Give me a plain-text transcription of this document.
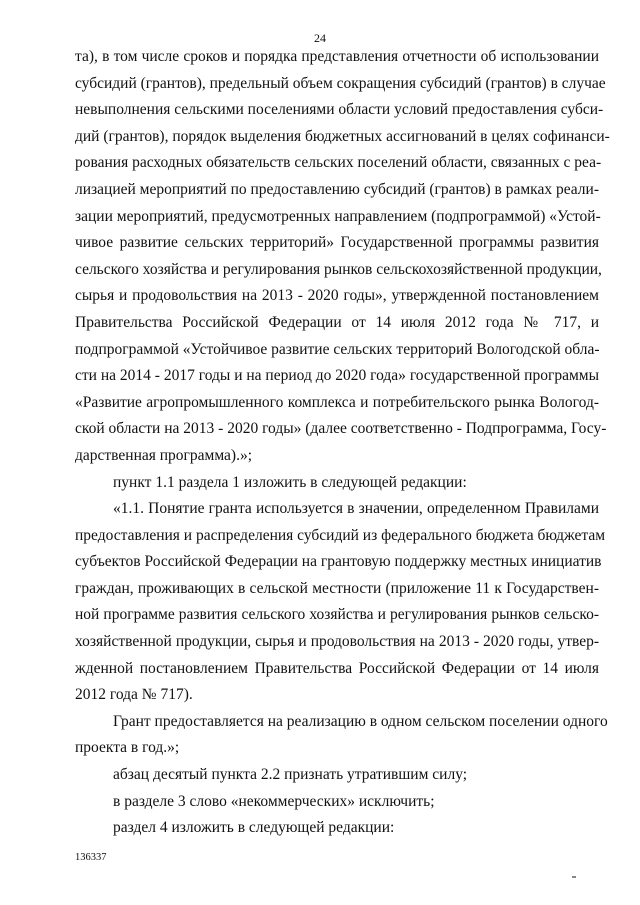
24
та), в том числе сроков и порядка представления отчетности об использовании
субсидий (грантов), предельный объем сокращения субсидий (грантов) в случае
невыполнения сельскими поселениями области условий предоставления субси-
дий (грантов), порядок выделения бюджетных ассигнований в целях софинанси-
рования расходных обязательств сельских поселений области, связанных с реа-
лизацией мероприятий по предоставлению субсидий (грантов) в рамках реали-
зации мероприятий, предусмотренных направлением (подпрограммой) «Устой-
чивое развитие сельских территорий» Государственной программы развития
сельского хозяйства и регулирования рынков сельскохозяйственной продукции,
сырья и продовольствия на 2013 - 2020 годы», утвержденной постановлением
Правительства Российской Федерации от 14 июля 2012 года № 717, и
подпрограммой «Устойчивое развитие сельских территорий Вологодской обла-
сти на 2014 - 2017 годы и на период до 2020 года» государственной программы
«Развитие агропромышленного комплекса и потребительского рынка Вологод-
ской области на 2013 - 2020 годы» (далее соответственно - Подпрограмма, Госу-
дарственная программа).»;
пункт 1.1 раздела 1 изложить в следующей редакции:
«1.1. Понятие гранта используется в значении, определенном Правилами
предоставления и распределения субсидий из федерального бюджета бюджетам
субъектов Российской Федерации на грантовую поддержку местных инициатив
граждан, проживающих в сельской местности (приложение 11 к Государствен-
ной программе развития сельского хозяйства и регулирования рынков сельско-
хозяйственной продукции, сырья и продовольствия на 2013 - 2020 годы, утвер-
жденной постановлением Правительства Российской Федерации от 14 июля
2012 года № 717).
Грант предоставляется на реализацию в одном сельском поселении одного
проекта в год.»;
абзац десятый пункта 2.2 признать утратившим силу;
в разделе 3 слово «некоммерческих» исключить;
раздел 4 изложить в следующей редакции:
136337
